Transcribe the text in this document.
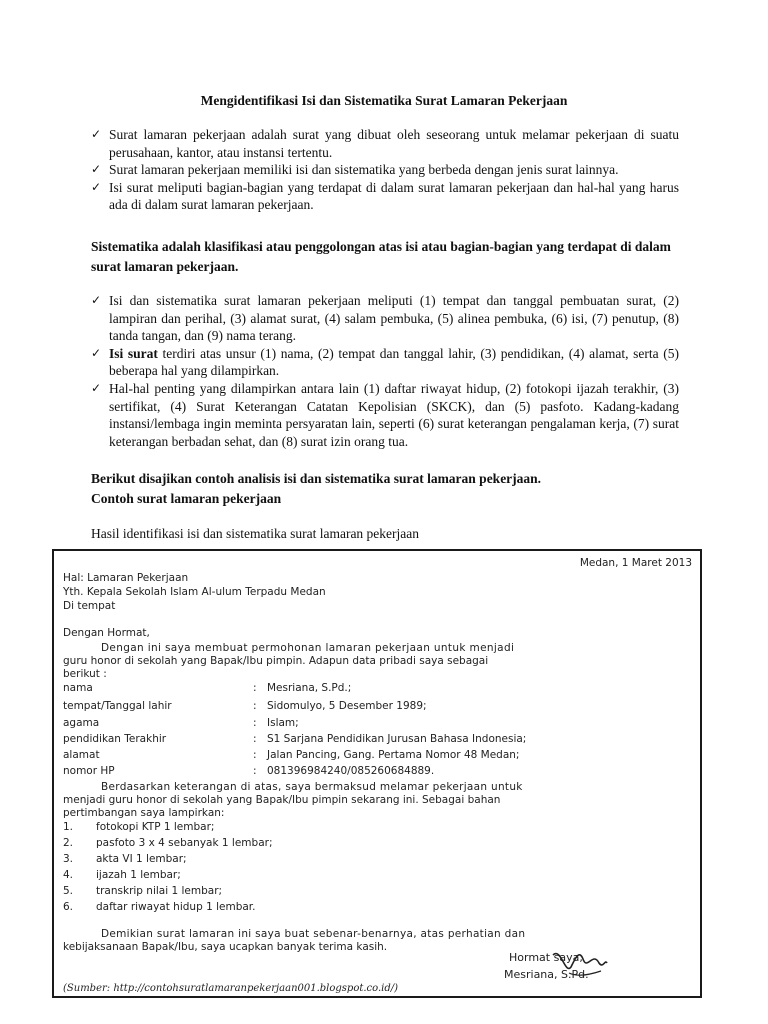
Mengidentifikasi Isi dan Sistematika Surat Lamaran Pekerjaan
✓ Surat lamaran pekerjaan adalah surat yang dibuat oleh seseorang untuk melamar pekerjaan di suatu perusahaan, kantor, atau instansi tertentu.
✓ Surat lamaran pekerjaan memiliki isi dan sistematika yang berbeda dengan jenis surat lainnya.
✓ Isi surat meliputi bagian-bagian yang terdapat di dalam surat lamaran pekerjaan dan hal-hal yang harus ada di dalam surat lamaran pekerjaan.
Sistematika adalah klasifikasi atau penggolongan atas isi atau bagian-bagian yang terdapat di dalam surat lamaran pekerjaan.
✓ Isi dan sistematika surat lamaran pekerjaan meliputi (1) tempat dan tanggal pembuatan surat, (2) lampiran dan perihal, (3) alamat surat, (4) salam pembuka, (5) alinea pembuka, (6) isi, (7) penutup, (8) tanda tangan, dan (9) nama terang.
✓ Isi surat terdiri atas unsur (1) nama, (2) tempat dan tanggal lahir, (3) pendidikan, (4) alamat, serta (5) beberapa hal yang dilampirkan.
✓ Hal-hal penting yang dilampirkan antara lain (1) daftar riwayat hidup, (2) fotokopi ijazah terakhir, (3) sertifikat, (4) Surat Keterangan Catatan Kepolisian (SKCK), dan (5) pasfoto. Kadang-kadang instansi/lembaga ingin meminta persyaratan lain, seperti (6) surat keterangan pengalaman kerja, (7) surat keterangan berbadan sehat, dan (8) surat izin orang tua.
Berikut disajikan contoh analisis isi dan sistematika surat lamaran pekerjaan.
Contoh surat lamaran pekerjaan
Hasil identifikasi isi dan sistematika surat lamaran pekerjaan
Medan, 1 Maret 2013
Hal: Lamaran Pekerjaan
Yth. Kepala Sekolah Islam Al-ulum Terpadu Medan
Di tempat
Dengan Hormat,
Dengan ini saya membuat permohonan lamaran pekerjaan untuk menjadi
guru honor di sekolah yang Bapak/Ibu pimpin. Adapun data pribadi saya sebagai
berikut :
nama	: Mesriana, S.Pd.;
tempat/Tanggal lahir	: Sidomulyo, 5 Desember 1989;
agama	: Islam;
pendidikan Terakhir	: S1 Sarjana Pendidikan Jurusan Bahasa Indonesia;
alamat	: Jalan Pancing, Gang. Pertama Nomor 48 Medan;
nomor HP	: 081396984240/085260684889.
Berdasarkan keterangan di atas, saya bermaksud melamar pekerjaan untuk
menjadi guru honor di sekolah yang Bapak/Ibu pimpin sekarang ini. Sebagai bahan
pertimbangan saya lampirkan:
1. fotokopi KTP 1 lembar;
2. pasfoto 3 x 4 sebanyak 1 lembar;
3. akta VI 1 lembar;
4. ijazah 1 lembar;
5. transkrip nilai 1 lembar;
6. daftar riwayat hidup 1 lembar.
Demikian surat lamaran ini saya buat sebenar-benarnya, atas perhatian dan
kebijaksanaan Bapak/Ibu, saya ucapkan banyak terima kasih.
Hormat saya,
Mesriana, S.Pd.
(Sumber: http://contohsuratlamaranpekerjaan001.blogspot.co.id/)
